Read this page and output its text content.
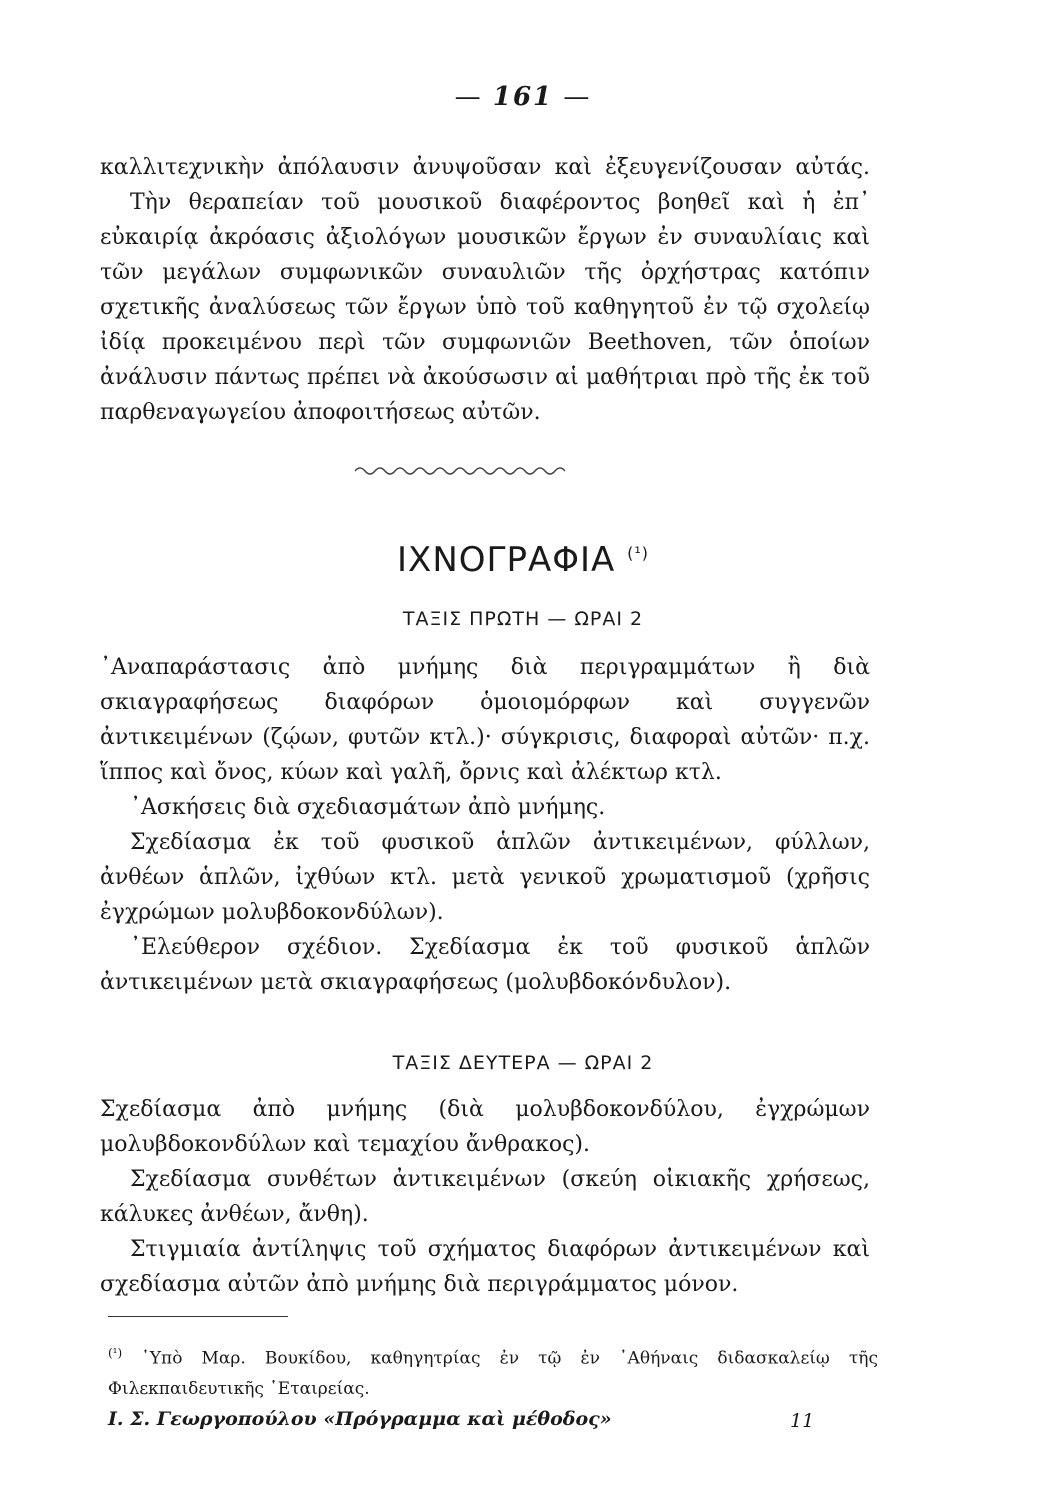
— 161 —

καλλιτεχνικὴν ἀπόλαυσιν ἀνυψοῦσαν καὶ ἐξευγενίζουσαν αὐτάς.

Τὴν θεραπείαν τοῦ μουσικοῦ διαφέροντος βοηθεῖ καὶ ἡ ἐπ᾿ εὐκαιρίᾳ ἀκρόασις ἀξιολόγων μουσικῶν ἔργων ἐν συναυλίαις καὶ τῶν μεγάλων συμφωνικῶν συναυλιῶν τῆς ὀρχήστρας κατόπιν σχετικῆς ἀναλύσεως τῶν ἔργων ὑπὸ τοῦ καθηγητοῦ ἐν τῷ σχολείῳ ἰδίᾳ προκειμένου περὶ τῶν συμφωνιῶν Beethoven, τῶν ὁποίων ἀνάλυσιν πάντως πρέπει νὰ ἀκούσωσιν αἱ μαθήτριαι πρὸ τῆς ἐκ τοῦ παρθεναγωγείου ἀποφοιτήσεως αὐτῶν.

ΙΧΝΟΓΡΑΦΙΑ $^{(^1)}$
ΤΑΞΙΣ ΠΡΩΤΗ — ΩΡΑΙ 2

᾿Αναπαράστασις ἀπὸ μνήμης διὰ περιγραμμάτων ἢ διὰ σκιαγραφήσεως διαφόρων ὁμοιομόρφων καὶ συγγενῶν ἀντικειμένων (ζῴων, φυτῶν κτλ.)· σύγκρισις, διαφοραὶ αὐτῶν· π.χ. ἵππος καὶ ὄνος, κύων καὶ γαλῆ, ὄρνις καὶ ἀλέκτωρ κτλ.

᾿Ασκήσεις διὰ σχεδιασμάτων ἀπὸ μνήμης.

Σχεδίασμα ἐκ τοῦ φυσικοῦ ἁπλῶν ἀντικειμένων, φύλλων, ἀνθέων ἁπλῶν, ἰχθύων κτλ. μετὰ γενικοῦ χρωματισμοῦ (χρῆσις ἐγχρώμων μολυβδοκονδύλων).

᾿Ελεύθερον σχέδιον. Σχεδίασμα ἐκ τοῦ φυσικοῦ ἁπλῶν ἀντικειμένων μετὰ σκιαγραφήσεως (μολυβδοκόνδυλον).

ΤΑΞΙΣ ΔΕΥΤΕΡΑ — ΩΡΑΙ 2

Σχεδίασμα ἀπὸ μνήμης (διὰ μολυβδοκονδύλου, ἐγχρώμων μολυβδοκονδύλων καὶ τεμαχίου ἄνθρακος).

Σχεδίασμα συνθέτων ἀντικειμένων (σκεύη οἰκιακῆς χρήσεως, κάλυκες ἀνθέων, ἄνθη).

Στιγμιαία ἀντίληψις τοῦ σχήματος διαφόρων ἀντικειμένων καὶ σχεδίασμα αὐτῶν ἀπὸ μνήμης διὰ περιγράμματος μόνον.

$^{(^1)}$ ῾Υπὸ Μαρ. Βουκίδου, καθηγητρίας ἐν τῷ ἐν ᾿Αθήναις διδασκαλείῳ τῆς Φιλεκπαιδευτικῆς ῾Εταιρείας.
Ι. Σ. Γεωργοπούλου «Πρόγραμμα καὶ μέθοδος»	11
